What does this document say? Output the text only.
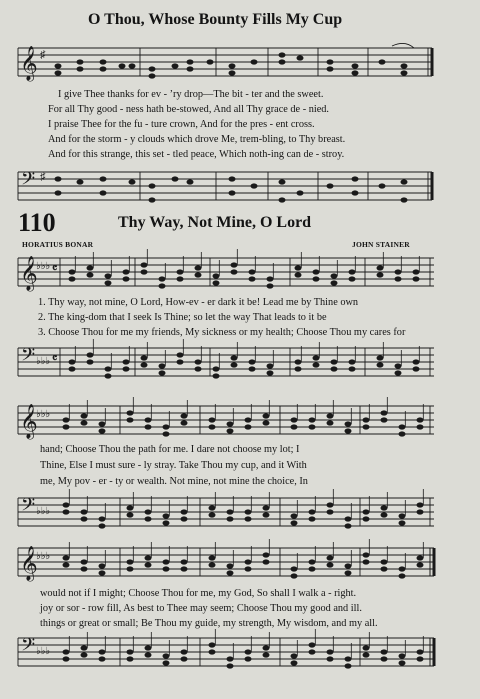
O Thou, Whose Bounty Fills My Cup
𝄞 ♯
I give Thee thanks for ev - ’ry drop—The bit - ter and the sweet.
For all Thy good - ness hath be-stowed, And all Thy grace de - nied.
I praise Thee for the fu - ture crown, And for the pres - ent cross.
And for the storm - y clouds which drove Me, trem-bling, to Thy breast.
And for this strange, this set - tled peace, Which noth-ing can de - stroy.
𝄢 ♯
110	Thy Way, Not Mine, O Lord
HORATIUS BONAR	JOHN STAINER
𝄞
♭♭♭ 𝄴
𝄢 ♭♭♭ 𝄴
𝄞
♭♭♭
𝄢 ♭♭♭
𝄞
♭♭♭
𝄢 ♭♭♭
1. Thy way, not mine, O Lord, How-ev - er dark it be! Lead me by Thine own
2. The king-dom that I seek Is Thine; so let the way That leads to it be
3. Choose Thou for me my friends, My sickness or my health; Choose Thou my cares for
hand; Choose Thou the path for me. I dare not choose my lot; I
Thine, Else I must sure - ly stray. Take Thou my cup, and it With
me, My pov - er - ty or wealth. Not mine, not mine the choice, In
would not if I might; Choose Thou for me, my God, So shall I walk a - right.
joy or sor - row fill, As best to Thee may seem; Choose Thou my good and ill.
things or great or small; Be Thou my guide, my strength, My wisdom, and my all.
